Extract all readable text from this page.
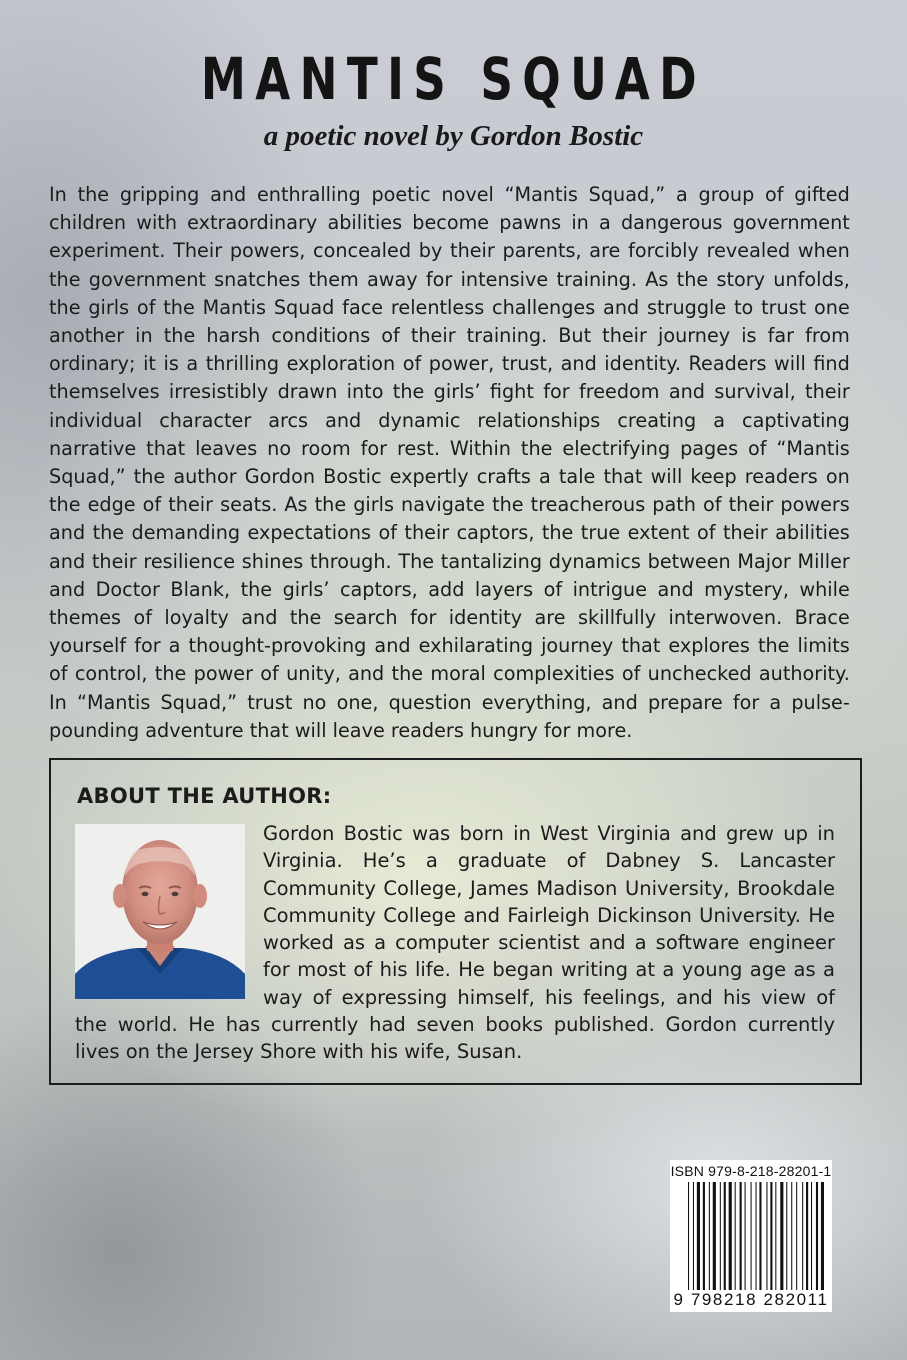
MANTIS SQUAD
a poetic novel by Gordon Bostic

In the gripping and enthralling poetic novel “Mantis Squad,” a group of gifted children with extraordinary abilities become pawns in a dangerous government experiment. Their powers, concealed by their parents, are forcibly revealed when the government snatches them away for intensive training. As the story unfolds, the girls of the Mantis Squad face relentless challenges and struggle to trust one another in the harsh conditions of their training. But their journey is far from ordinary; it is a thrilling exploration of power, trust, and identity. Readers will find themselves irresistibly drawn into the girls’ fight for freedom and survival, their individual character arcs and dynamic relationships creating a captivating narrative that leaves no room for rest. Within the electrifying pages of “Mantis Squad,” the author Gordon Bostic expertly crafts a tale that will keep readers on the edge of their seats. As the girls navigate the treacherous path of their powers and the demanding expectations of their captors, the true extent of their abilities and their resilience shines through. The tantalizing dynamics between Major Miller and Doctor Blank, the girls’ captors, add layers of intrigue and mystery, while themes of loyalty and the search for identity are skillfully interwoven. Brace yourself for a thought-provoking and exhilarating journey that explores the limits of control, the power of unity, and the moral complexities of unchecked authority. In “Mantis Squad,” trust no one, question everything, and prepare for a pulse-pounding adventure that will leave readers hungry for more.

ABOUT THE AUTHOR:
Gordon Bostic was born in West Virginia and grew up in Virginia. He’s a graduate of Dabney S. Lancaster Community College, James Madison University, Brookdale Community College and Fairleigh Dickinson University. He worked as a computer scientist and a software engineer for most of his life. He began writing at a young age as a way of expressing himself, his feelings, and his view of the world. He has currently had seven books published. Gordon currently lives on the Jersey Shore with his wife, Susan.
ISBN 979-8-218-28201-1
9 798218 282011
